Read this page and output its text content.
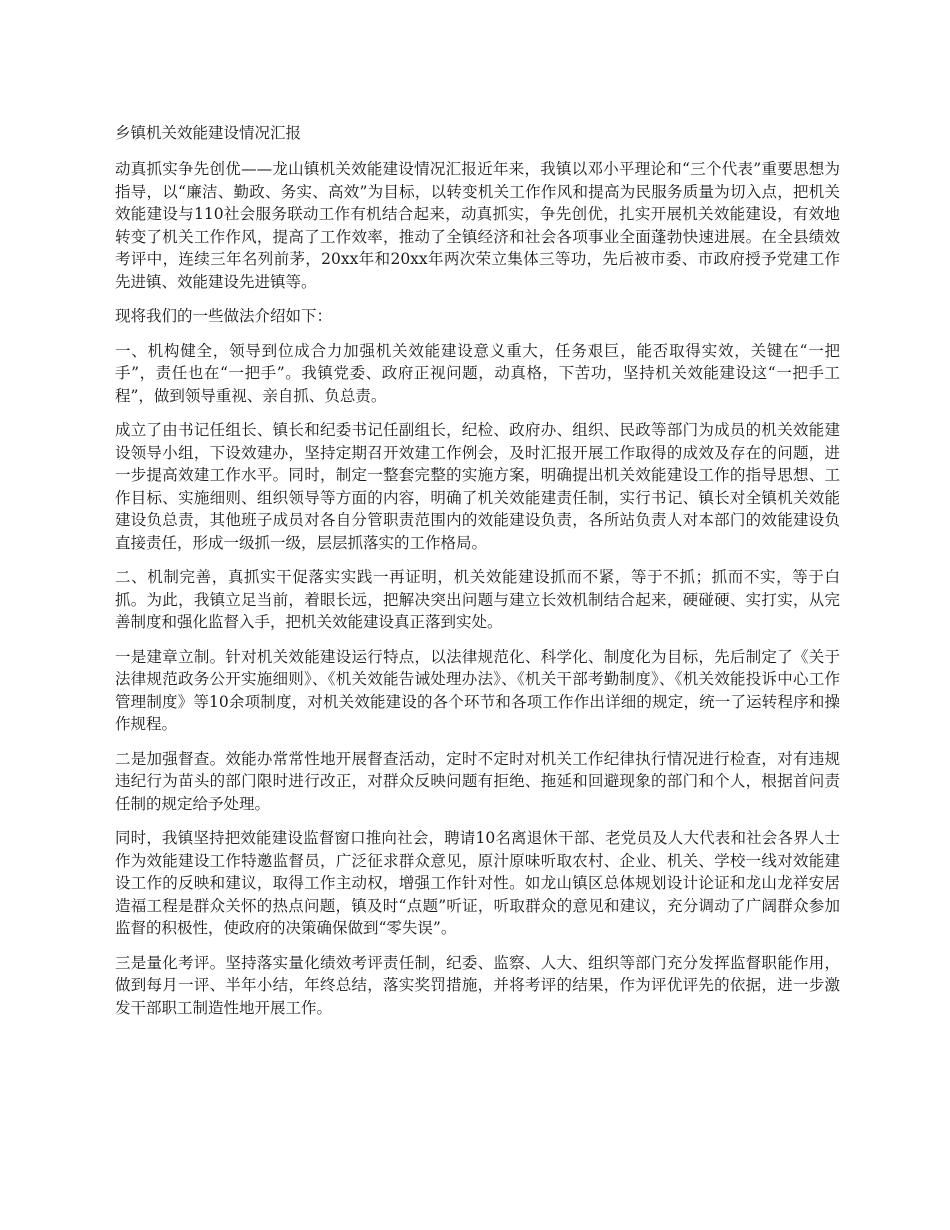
乡镇机关效能建设情况汇报

动真抓实争先创优——龙山镇机关效能建设情况汇报近年来，我镇以邓小平理论和“三个代表”重要思想为指导，以“廉洁、勤政、务实、高效”为目标，以转变机关工作作风和提高为民服务质量为切入点，把机关效能建设与110社会服务联动工作有机结合起来，动真抓实，争先创优，扎实开展机关效能建设，有效地转变了机关工作作风，提高了工作效率，推动了全镇经济和社会各项事业全面蓬勃快速进展。在全县绩效考评中，连续三年名列前茅，20xx年和20xx年两次荣立集体三等功，先后被市委、市政府授予党建工作先进镇、效能建设先进镇等。

现将我们的一些做法介绍如下：

一、机构健全，领导到位成合力加强机关效能建设意义重大，任务艰巨，能否取得实效，关键在“一把手”，责任也在“一把手”。我镇党委、政府正视问题，动真格，下苦功，坚持机关效能建设这“一把手工程”，做到领导重视、亲自抓、负总责。

成立了由书记任组长、镇长和纪委书记任副组长，纪检、政府办、组织、民政等部门为成员的机关效能建设领导小组，下设效建办，坚持定期召开效建工作例会，及时汇报开展工作取得的成效及存在的问题，进一步提高效建工作水平。同时，制定一整套完整的实施方案，明确提出机关效能建设工作的指导思想、工作目标、实施细则、组织领导等方面的内容，明确了机关效能建责任制，实行书记、镇长对全镇机关效能建设负总责，其他班子成员对各自分管职责范围内的效能建设负责，各所站负责人对本部门的效能建设负直接责任，形成一级抓一级，层层抓落实的工作格局。

二、机制完善，真抓实干促落实实践一再证明，机关效能建设抓而不紧，等于不抓；抓而不实，等于白抓。为此，我镇立足当前，着眼长远，把解决突出问题与建立长效机制结合起来，硬碰硬、实打实，从完善制度和强化监督入手，把机关效能建设真正落到实处。

一是建章立制。针对机关效能建设运行特点，以法律规范化、科学化、制度化为目标，先后制定了《关于法律规范政务公开实施细则》、《机关效能告诫处理办法》、《机关干部考勤制度》、《机关效能投诉中心工作管理制度》等10余项制度，对机关效能建设的各个环节和各项工作作出详细的规定，统一了运转程序和操作规程。

二是加强督查。效能办常常性地开展督查活动，定时不定时对机关工作纪律执行情况进行检查，对有违规违纪行为苗头的部门限时进行改正，对群众反映问题有拒绝、拖延和回避现象的部门和个人，根据首问责任制的规定给予处理。

同时，我镇坚持把效能建设监督窗口推向社会，聘请10名离退休干部、老党员及人大代表和社会各界人士作为效能建设工作特邀监督员，广泛征求群众意见，原汁原味听取农村、企业、机关、学校一线对效能建设工作的反映和建议，取得工作主动权，增强工作针对性。如龙山镇区总体规划设计论证和龙山龙祥安居造福工程是群众关怀的热点问题，镇及时“点题”听证，听取群众的意见和建议，充分调动了广阔群众参加监督的积极性，使政府的决策确保做到“零失误”。

三是量化考评。坚持落实量化绩效考评责任制，纪委、监察、人大、组织等部门充分发挥监督职能作用，做到每月一评、半年小结，年终总结，落实奖罚措施，并将考评的结果，作为评优评先的依据，进一步激发干部职工制造性地开展工作。
